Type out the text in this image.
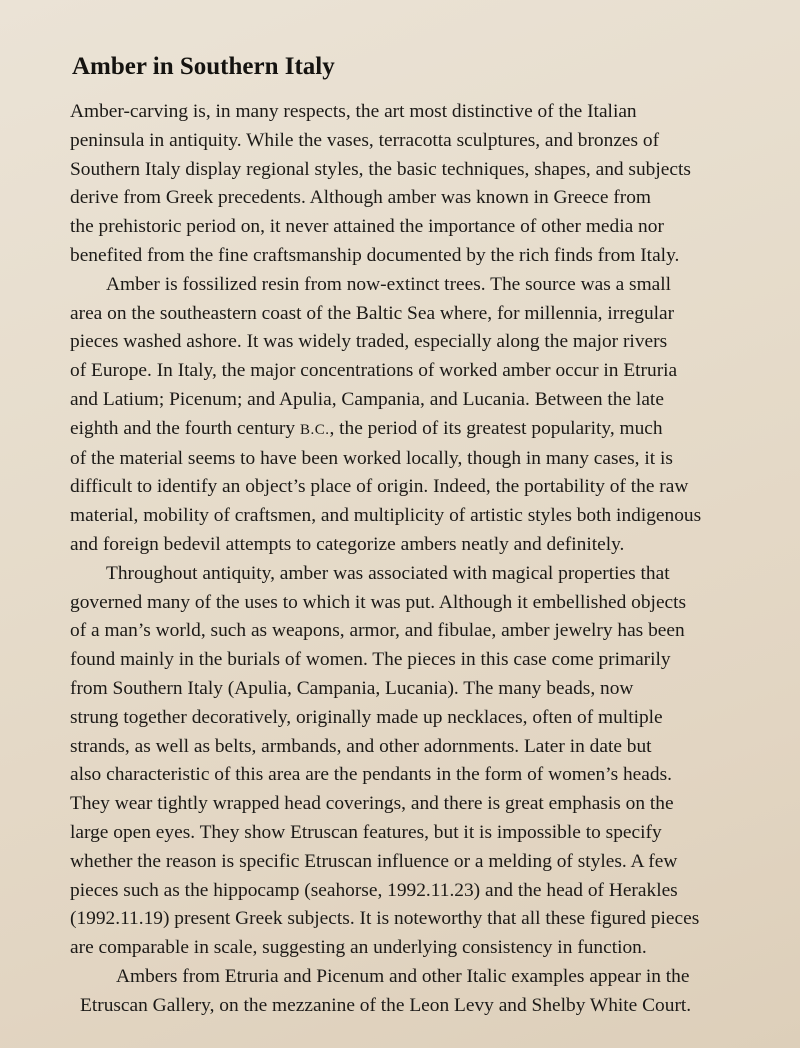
Amber in Southern Italy

Amber-carving is, in many respects, the art most distinctive of the Italian
peninsula in antiquity. While the vases, terracotta sculptures, and bronzes of
Southern Italy display regional styles, the basic techniques, shapes, and subjects
derive from Greek precedents. Although amber was known in Greece from
the prehistoric period on, it never attained the importance of other media nor
benefited from the fine craftsmanship documented by the rich finds from Italy.

Amber is fossilized resin from now-extinct trees. The source was a small
area on the southeastern coast of the Baltic Sea where, for millennia, irregular
pieces washed ashore. It was widely traded, especially along the major rivers
of Europe. In Italy, the major concentrations of worked amber occur in Etruria
and Latium; Picenum; and Apulia, Campania, and Lucania. Between the late
eighth and the fourth century B.C., the period of its greatest popularity, much
of the material seems to have been worked locally, though in many cases, it is
difficult to identify an object’s place of origin. Indeed, the portability of the raw
material, mobility of craftsmen, and multiplicity of artistic styles both indigenous
and foreign bedevil attempts to categorize ambers neatly and definitely.

Throughout antiquity, amber was associated with magical properties that
governed many of the uses to which it was put. Although it embellished objects
of a man’s world, such as weapons, armor, and fibulae, amber jewelry has been
found mainly in the burials of women. The pieces in this case come primarily
from Southern Italy (Apulia, Campania, Lucania). The many beads, now
strung together decoratively, originally made up necklaces, often of multiple
strands, as well as belts, armbands, and other adornments. Later in date but
also characteristic of this area are the pendants in the form of women’s heads.
They wear tightly wrapped head coverings, and there is great emphasis on the
large open eyes. They show Etruscan features, but it is impossible to specify
whether the reason is specific Etruscan influence or a melding of styles. A few
pieces such as the hippocamp (seahorse, 1992.11.23) and the head of Herakles
(1992.11.19) present Greek subjects. It is noteworthy that all these figured pieces
are comparable in scale, suggesting an underlying consistency in function.

Ambers from Etruria and Picenum and other Italic examples appear in the
Etruscan Gallery, on the mezzanine of the Leon Levy and Shelby White Court.
